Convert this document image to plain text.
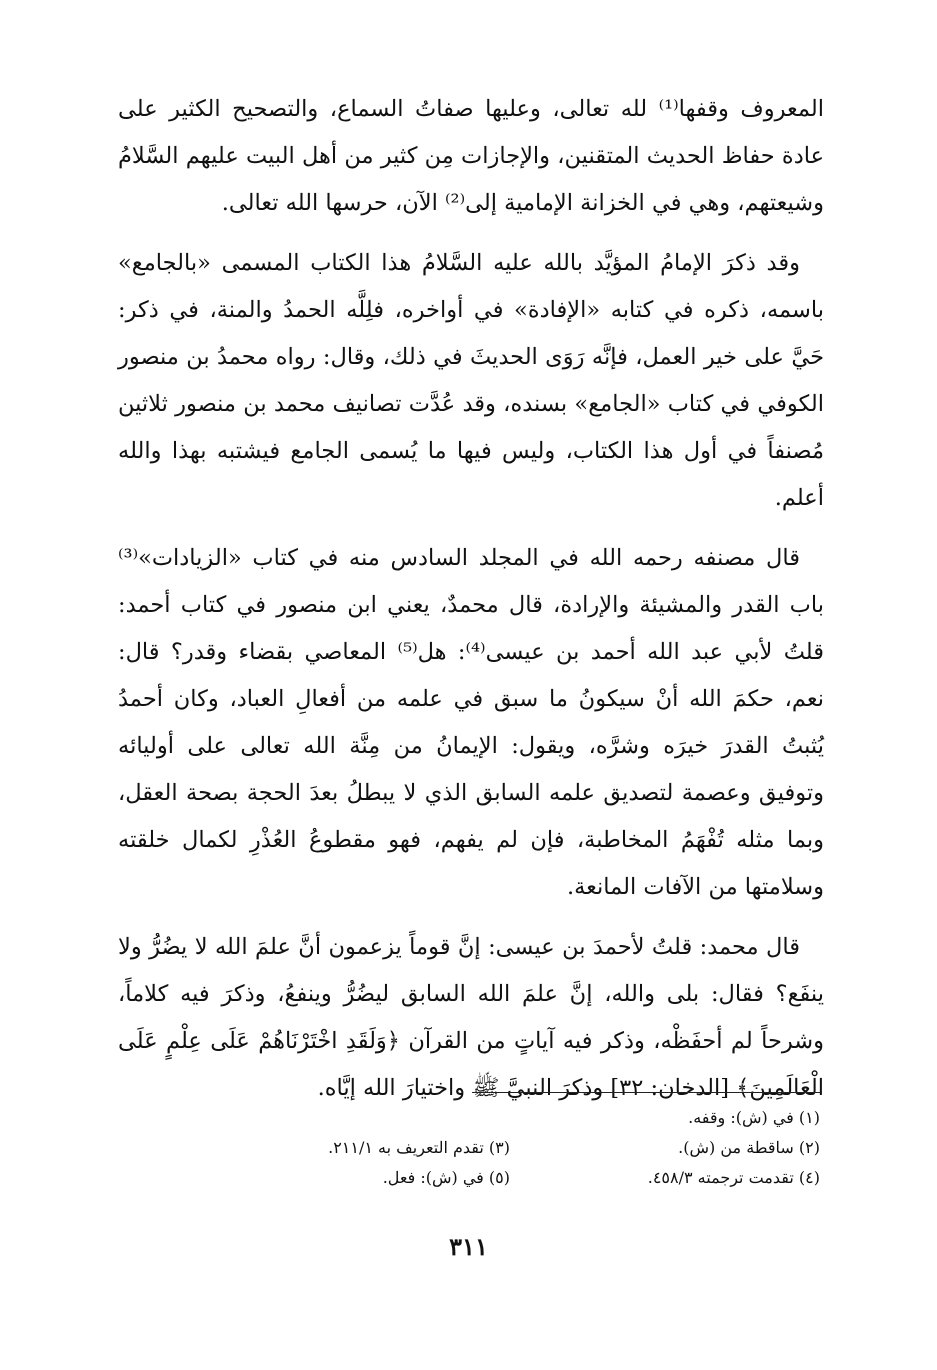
المعروف وقفها⁽¹⁾ لله تعالى، وعليها صفاتُ السماع، والتصحيح الكثير على عادة حفاظ الحديث المتقنين، والإجازات مِن كثير من أهل البيت عليهم السَّلامُ وشيعتهم، وهي في الخزانة الإمامية إلى⁽²⁾ الآن، حرسها الله تعالى.

وقد ذكرَ الإمامُ المؤيَّد بالله عليه السَّلامُ هذا الكتاب المسمى «بالجامع» باسمه، ذكره في كتابه «الإفادة» في أواخره، فلِلَّه الحمدُ والمنة، في ذكر: حَيَّ على خير العمل، فإنَّه رَوَى الحديثَ في ذلك، وقال: رواه محمدُ بن منصور الكوفي في كتاب «الجامع» بسنده، وقد عُدَّت تصانيف محمد بن منصور ثلاثين مُصنفاً في أول هذا الكتاب، وليس فيها ما يُسمى الجامع فيشتبه بهذا والله أعلم.

قال مصنفه رحمه الله في المجلد السادس منه في كتاب «الزيادات»⁽³⁾ باب القدر والمشيئة والإرادة، قال محمدٌ، يعني ابن منصور في كتاب أحمد: قلتُ لأبي عبد الله أحمد بن عيسى⁽⁴⁾: هل⁽⁵⁾ المعاصي بقضاء وقدر؟ قال: نعم، حكمَ الله أنْ سيكونُ ما سبق في علمه من أفعالِ العباد، وكان أحمدُ يُثبتُ القدرَ خيرَه وشرَّه، ويقول: الإيمانُ من مِنَّة الله تعالى على أوليائه وتوفيق وعصمة لتصديق علمه السابق الذي لا يبطلُ بعدَ الحجة بصحة العقل، وبما مثله تُفْهَمُ المخاطبة، فإن لم يفهم، فهو مقطوعُ العُذْرِ لكمال خلقته وسلامتها من الآفات المانعة.

قال محمد: قلتُ لأحمدَ بن عيسى: إنَّ قوماً يزعمون أنَّ علمَ الله لا يضُرُّ ولا ينفَع؟ فقال: بلى والله، إنَّ علمَ الله السابق ليضُرُّ وينفعُ، وذكرَ فيه كلاماً، وشرحاً لم أحفَظْه، وذكر فيه آياتٍ من القرآن ﴿وَلَقَدِ اخْتَرْنَاهُمْ عَلَى عِلْمٍ عَلَى الْعَالَمِينَ﴾ [الدخان: ٣٢] وذكرَ النبيَّ ﷺ واختيارَ الله إيَّاه.

(١) في (ش): وقفه.
(٢) ساقطة من (ش).
(٣) تقدم التعريف به ٢١١/١.
(٤) تقدمت ترجمته ٤٥٨/٣.
(٥) في (ش): فعل.
٣١١
